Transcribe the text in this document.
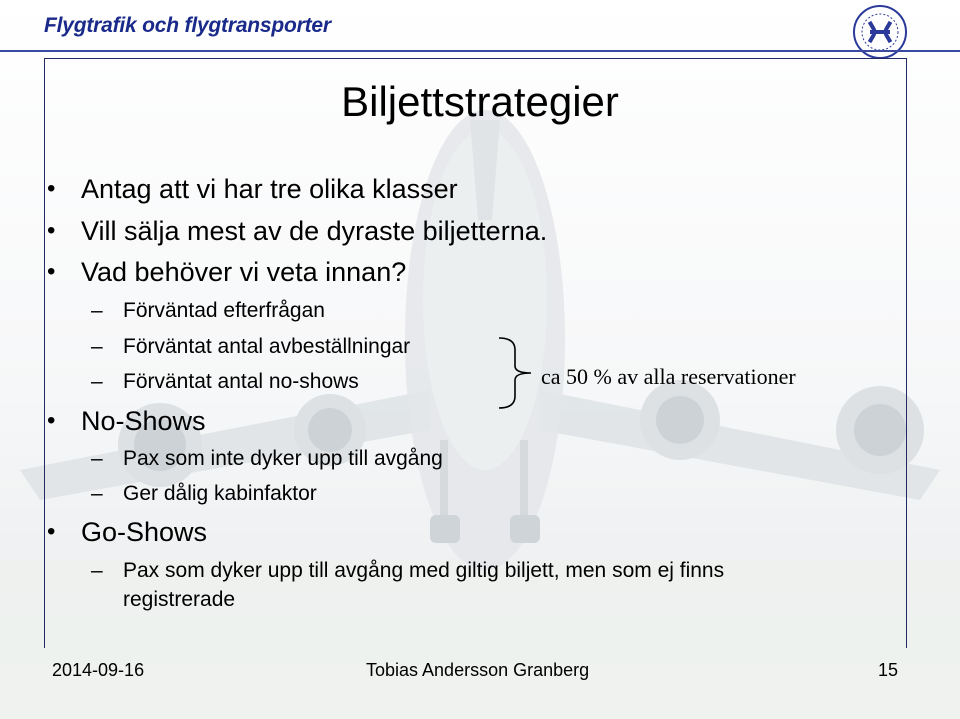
Flygtrafik och flygtransporter
Biljettstrategier
• Antag att vi har tre olika klasser
• Vill sälja mest av de dyraste biljetterna.
• Vad behöver vi veta innan?
– Förväntad efterfrågan
– Förväntat antal avbeställningar
– Förväntat antal no-shows	ca 50 % av alla reservationer
• No-Shows
– Pax som inte dyker upp till avgång
– Ger dålig kabinfaktor
• Go-Shows
– Pax som dyker upp till avgång med giltig biljett, men som ej finns
registrerade
2014-09-16	Tobias Andersson Granberg	15
